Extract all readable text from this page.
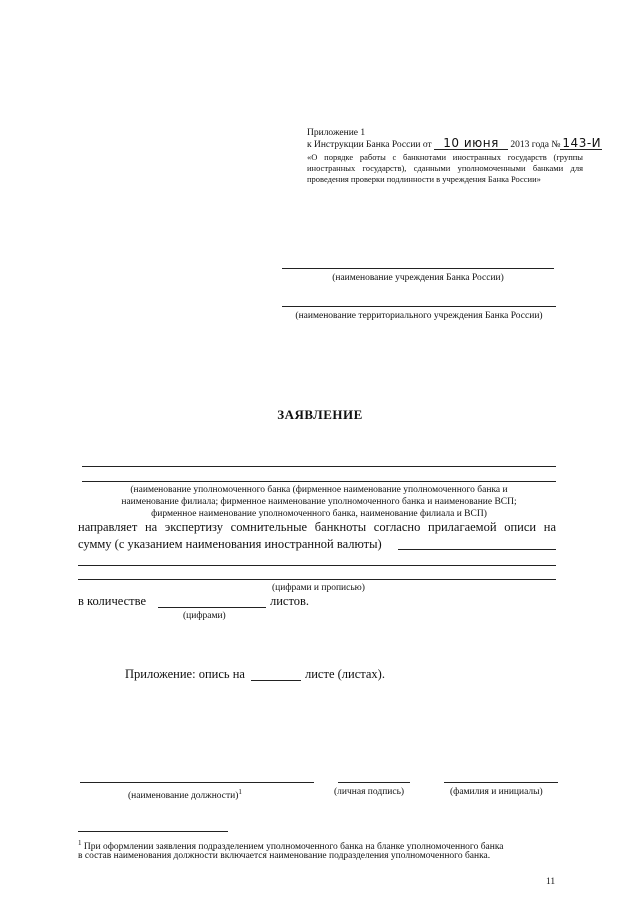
Приложение 1
к Инструкции Банка России от 10 июня 2013 года № 143-И
«О порядке работы с банкнотами иностранных государств (группы
иностранных государств), сданными уполномоченными банками для
проведения проверки подлинности в учреждения Банка России»
(наименование учреждения Банка России)
(наименование территориального учреждения Банка России)
ЗАЯВЛЕНИЕ
(наименование уполномоченного банка (фирменное наименование уполномоченного банка и
наименование филиала; фирменное наименование уполномоченного банка и наименование ВСП;
фирменное наименование уполномоченного банка, наименование филиала и ВСП)
направляет на экспертизу сомнительные банкноты согласно прилагаемой описи на
сумму (с указанием наименования иностранной валюты)
(цифрами и прописью)
в количестве	листов.
(цифрами)
Приложение: опись на	листе (листах).
(наименование должности)$^1$	(личная подпись)	(фамилия и инициалы)
$^1$ При оформлении заявления подразделением уполномоченного банка на бланке уполномоченного банка
в состав наименования должности включается наименование подразделения уполномоченного банка.
11
